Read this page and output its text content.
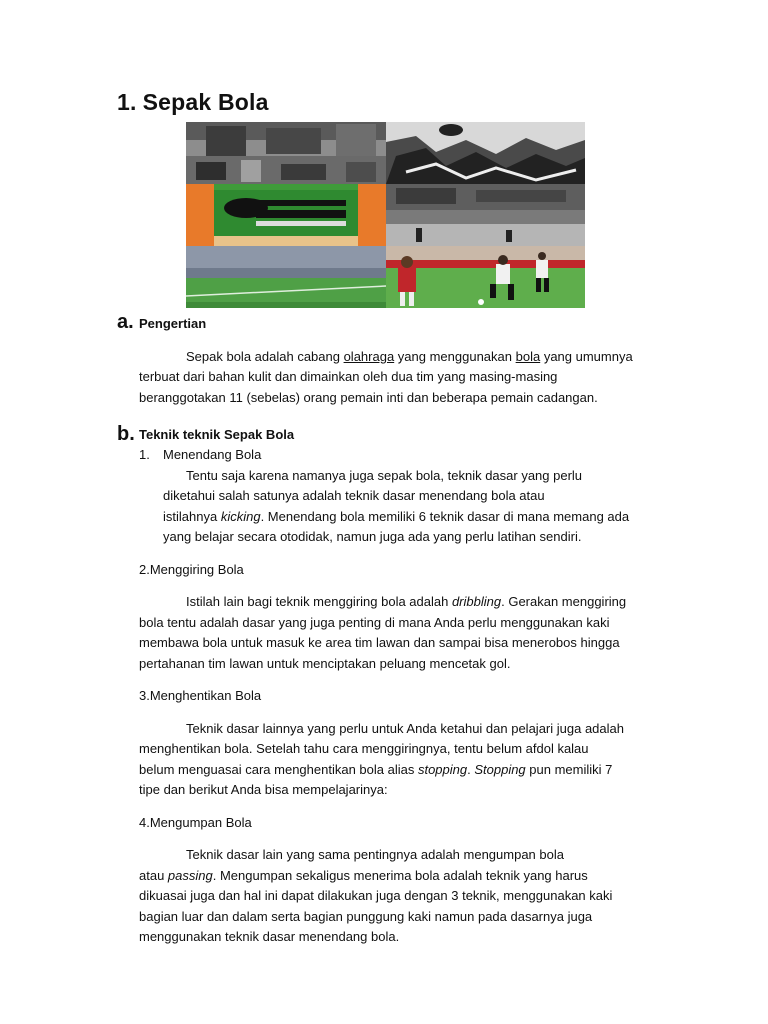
1. Sepak Bola
a. Pengertian
Sepak bola adalah cabang olahraga yang menggunakan bola yang umumnya
terbuat dari bahan kulit dan dimainkan oleh dua tim yang masing-masing
beranggotakan 11 (sebelas) orang pemain inti dan beberapa pemain cadangan.
b. Teknik teknik Sepak Bola
1. Menendang Bola
Tentu saja karena namanya juga sepak bola, teknik dasar yang perlu
diketahui salah satunya adalah teknik dasar menendang bola atau
istilahnya kicking. Menendang bola memiliki 6 teknik dasar di mana memang ada
yang belajar secara otodidak, namun juga ada yang perlu latihan sendiri.
2.Menggiring Bola
Istilah lain bagi teknik menggiring bola adalah dribbling. Gerakan menggiring
bola tentu adalah dasar yang juga penting di mana Anda perlu menggunakan kaki
membawa bola untuk masuk ke area tim lawan dan sampai bisa menerobos hingga
pertahanan tim lawan untuk menciptakan peluang mencetak gol.
3.Menghentikan Bola
Teknik dasar lainnya yang perlu untuk Anda ketahui dan pelajari juga adalah
menghentikan bola. Setelah tahu cara menggiringnya, tentu belum afdol kalau
belum menguasai cara menghentikan bola alias stopping. Stopping pun memiliki 7
tipe dan berikut Anda bisa mempelajarinya:
4.Mengumpan Bola
Teknik dasar lain yang sama pentingnya adalah mengumpan bola
atau passing. Mengumpan sekaligus menerima bola adalah teknik yang harus
dikuasai juga dan hal ini dapat dilakukan juga dengan 3 teknik, menggunakan kaki
bagian luar dan dalam serta bagian punggung kaki namun pada dasarnya juga
menggunakan teknik dasar menendang bola.
